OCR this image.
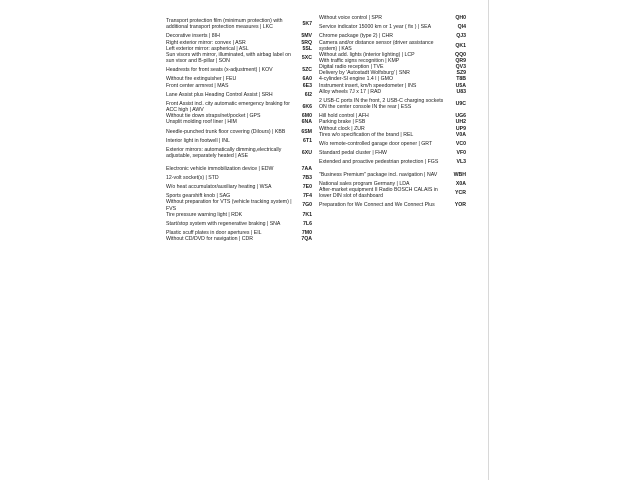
Transport protection film (minimum protection) with additional transport protection measures | LKC
5K7
Decorative inserts | 8IH	5MV
Right exterior mirror: convex | ASR	5RQ
Left exterior mirror: aspherical | ASL	5SL
Sun visors with mirror, illuminated, with airbag label on sun visor and B-pillar | SON
5XC
Headrests for front seats (x-adjustment) | KOV	5ZC
Without fire extinguisher | FEU	6A0
Front center armrest | MAS	6E3
Lane Assist plus Heading Control Assist | SRH	6I2
Front Assist incl. city automatic emergency braking for ACC high | AWV
6K6
Without tie down straps/net/pocket | GPS	6M0
Unsplit molding roof liner | HIM	6NA
Needle-punched trunk floor covering (Dilours) | KBB	6SM
Interior light in footwell | INL	6T1
Exterior mirrors: automatically dimming,electrically adjustable, separately heated | ASE
6XU
Electronic vehicle immobilization device | EDW	7AA
12-volt socket(s) | STD	7B3
W/o heat accumulator/auxiliary heating | WSA	7E0
Sports gearshift knob | SAG	7F4
Without preparation for VTS (vehicle tracking system) | FVS
7G0
Tire pressure warning light | RDK	7K1
Start/stop system with regenerative braking | SNA	7L6
Plastic scuff plates in door apertures | EIL	7M0
Without CD/DVD for navigation | CDR	7QA
Without voice control | SPR	QH0
Service indicator 15000 km or 1 year ( fix ) | SEA	QI4
Chrome package (type 2) | CHR	QJ3
Camera and/or distance sensor (driver assistance system) | KAS
QK1
Without add. lights (interior lighting) | LCP	QQ0
With traffic signs recognition | KMP	QR9
Digital radio reception | TVE	QV3
Delivery by 'Autostadt Wolfsburg' | SNR	SZ9
4-cylinder-SI engine 1.4 l | GMO	T8B
Instrument insert, km/h speedometer | INS	U5A
Alloy wheels 7J x 17 | RAD	U83
2 USB-C ports IN the front, 2 USB-C charging sockets ON the center console IN the rear | ESS
U9C
Hill hold control | AFH	UG6
Parking brake | FSB	UH2
Without clock | ZUR	UP9
Tires w/o specification of the brand | REL	V0A
W/o remote-controlled garage door opener | GRT	VC0
Standard pedal cluster | FHW	VF0
Extended and proactive pedestrian protection | FGS	VL3
"Business Premium" package incl. navigation | NAV	WBH
National sales program Germany | LDA	X0A
After-market equipment II Radio BOSCH CALAIS in lower DIN slot of dashboard
YCR
Preparation for We Connect and We Connect Plus	YOR
